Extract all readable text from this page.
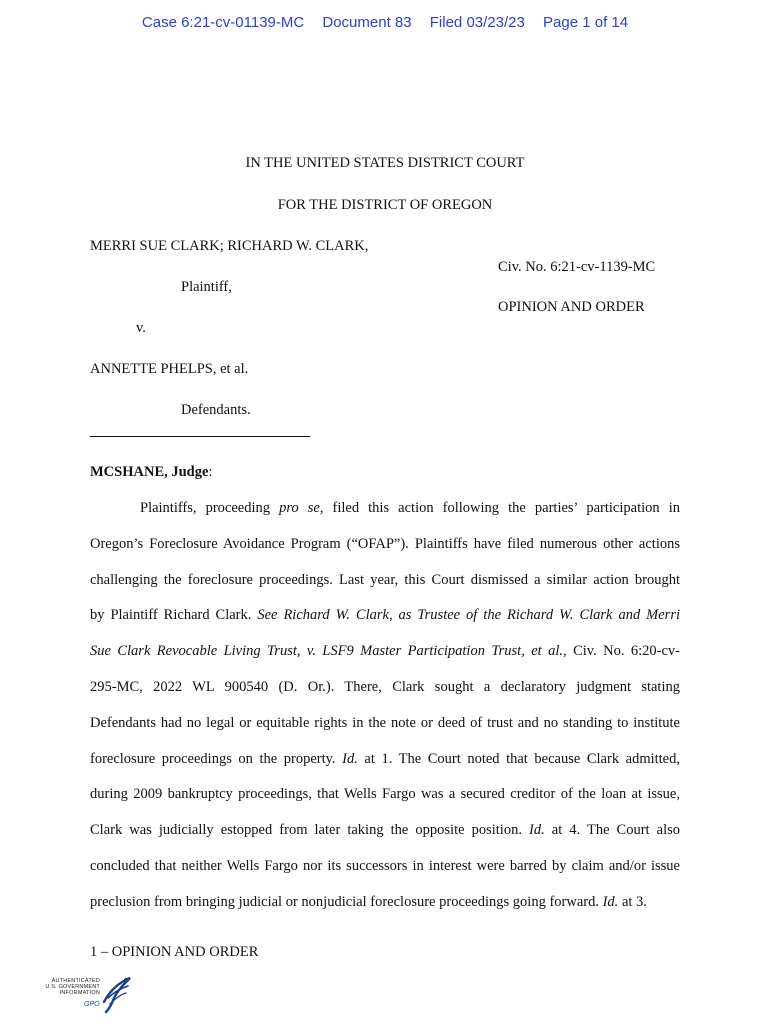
Case 6:21-cv-01139-MC Document 83 Filed 03/23/23 Page 1 of 14
IN THE UNITED STATES DISTRICT COURT
FOR THE DISTRICT OF OREGON
MERRI SUE CLARK; RICHARD W. CLARK,
Civ. No. 6:21-cv-1139-MC
Plaintiff,
OPINION AND ORDER
v.
ANNETTE PHELPS, et al.
Defendants.
MCSHANE, Judge:
Plaintiffs, proceeding pro se, filed this action following the parties’ participation in
Oregon’s Foreclosure Avoidance Program (“OFAP”). Plaintiffs have filed numerous other actions
challenging the foreclosure proceedings. Last year, this Court dismissed a similar action brought
by Plaintiff Richard Clark. See Richard W. Clark, as Trustee of the Richard W. Clark and Merri
Sue Clark Revocable Living Trust, v. LSF9 Master Participation Trust, et al., Civ. No. 6:20-cv-
295-MC, 2022 WL 900540 (D. Or.). There, Clark sought a declaratory judgment stating
Defendants had no legal or equitable rights in the note or deed of trust and no standing to institute
foreclosure proceedings on the property. Id. at 1. The Court noted that because Clark admitted,
during 2009 bankruptcy proceedings, that Wells Fargo was a secured creditor of the loan at issue,
Clark was judicially estopped from later taking the opposite position. Id. at 4. The Court also
concluded that neither Wells Fargo nor its successors in interest were barred by claim and/or issue
preclusion from bringing judicial or nonjudicial foreclosure proceedings going forward. Id. at 3.
1 – OPINION AND ORDER
AUTHENTICATED
U.S. GOVERNMENT
INFORMATION
GPO
